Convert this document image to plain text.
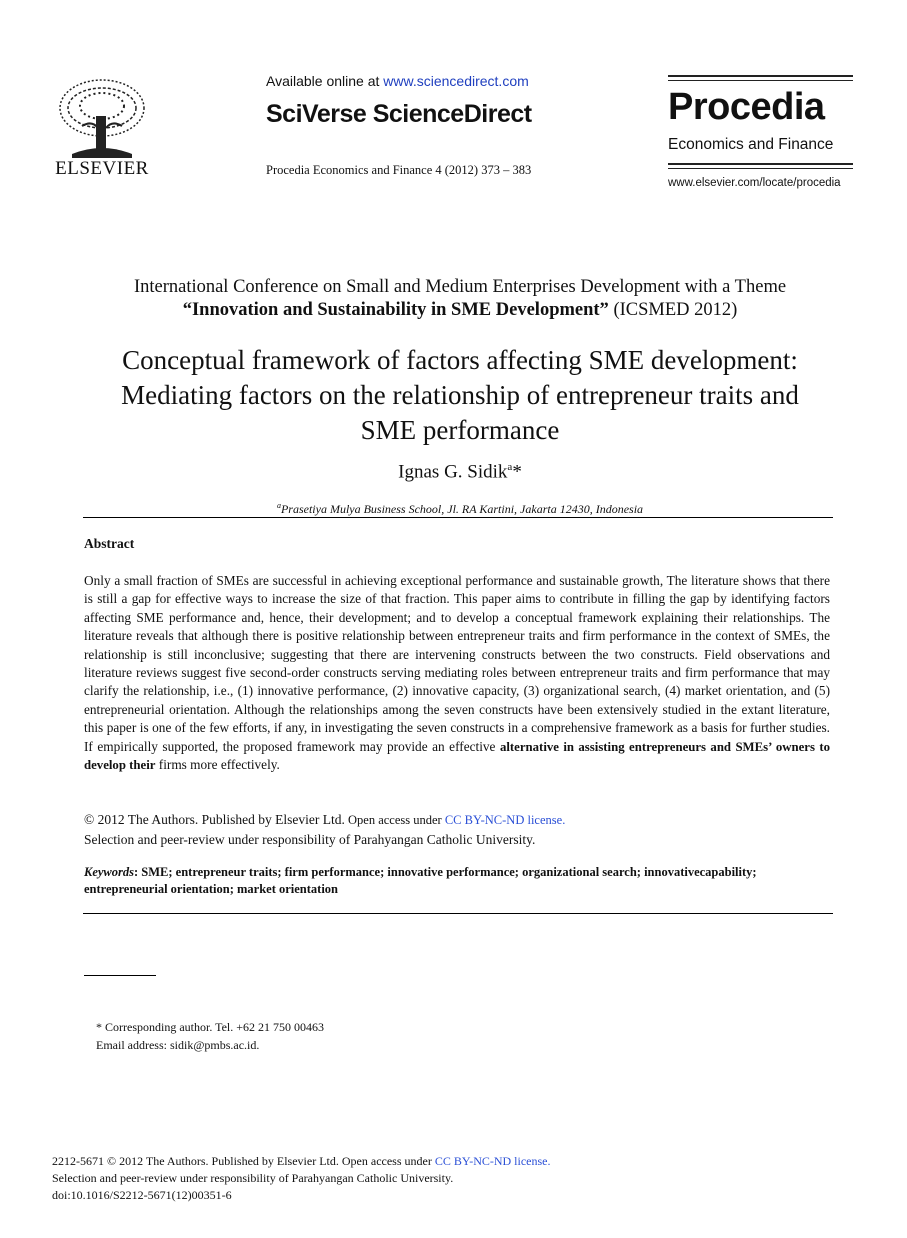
ELSEVIER
Available online at www.sciencedirect.com
SciVerse ScienceDirect
Procedia Economics and Finance 4 (2012) 373 – 383
Procedia
Economics and Finance
www.elsevier.com/locate/procedia
International Conference on Small and Medium Enterprises Development with a Theme
“Innovation and Sustainability in SME Development” (ICSMED 2012)
Conceptual framework of factors affecting SME development:
Mediating factors on the relationship of entrepreneur traits and
SME performance
Ignas G. Sidik$^a$*
$^a$Prasetiya Mulya Business School, Jl. RA Kartini, Jakarta 12430, Indonesia
Abstract
Only a small fraction of SMEs are successful in achieving exceptional performance and sustainable growth, The literature shows that there is still a gap for effective ways to increase the size of that fraction. This paper aims to contribute in filling the gap by identifying factors affecting SME performance and, hence, their development; and to develop a conceptual framework explaining their relationships. The literature reveals that although there is positive relationship between entrepreneur traits and firm performance in the context of SMEs, the relationship is still inconclusive; suggesting that there are intervening constructs between the two constructs. Field observations and literature reviews suggest five second-order constructs serving mediating roles between entrepreneur traits and firm performance that may clarify the relationship, i.e., (1) innovative performance, (2) innovative capacity, (3) organizational search, (4) market orientation, and (5) entrepreneurial orientation. Although the relationships among the seven constructs have been extensively studied in the extant literature, this paper is one of the few efforts, if any, in investigating the seven constructs in a comprehensive framework as a basis for further studies. If empirically supported, the proposed framework may provide an effective alternative in assisting entrepreneurs and SMEs’ owners to develop their firms more effectively.
© 2012 The Authors. Published by Elsevier Ltd. Open access under CC BY-NC-ND license.
Selection and peer-review under responsibility of Parahyangan Catholic University.
Keywords: SME; entrepreneur traits; firm performance; innovative performance; organizational search; innovativecapability; entrepreneurial orientation; market orientation
* Corresponding author. Tel. +62 21 750 00463
Email address: sidik@pmbs.ac.id.
2212-5671 © 2012 The Authors. Published by Elsevier Ltd. Open access under CC BY-NC-ND license.
Selection and peer-review under responsibility of Parahyangan Catholic University.
doi:10.1016/S2212-5671(12)00351-6
